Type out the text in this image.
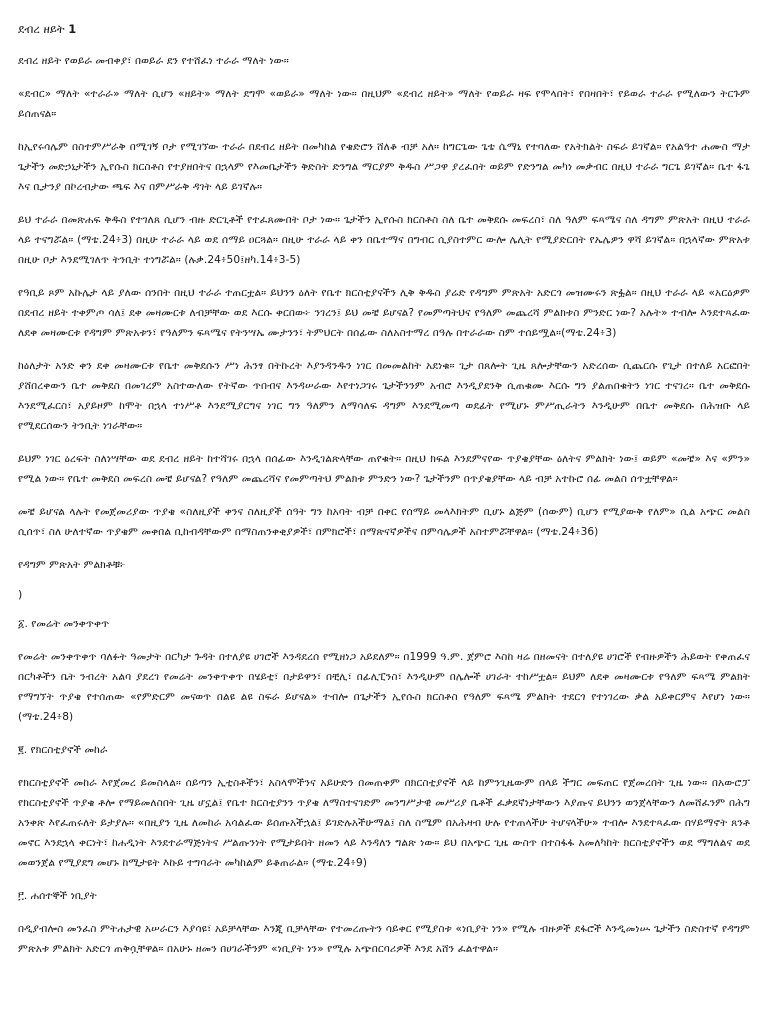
ደብረ ዘይት 1

ደብረ ዘይት የወይራ መብቀያ፣ በወይራ ደን የተሸፈነ ተራራ ማለት ነው።

«ደብር» ማለት «ተራራ» ማለት ሲሆን «ዘይት» ማለት ደግሞ «ወይራ» ማለት ነው። በዚህም «ደብረ ዘይት» ማለት የወይራ ዛፍ የሞላበት፣ የበዛበት፣ የይወራ ተራራ የሚለውን ትርጉም ይሰጠናል።

ከኢየሩሳሌም በስተምሥራቅ በሚገኝ ቦታ የሚገኘው ተራራ በደብረ ዘይት በመካከል የቄድሮን ሸለቆ ብቻ አለ። ከግርጌው ጌቴ ሴማኒ የተባለው የአትክልት ስፍራ ይገኛል። የአልዓተ ሐሙስ ማታ ጌታችን መድኃኒታችን ኢየሱስ ክርስቶስ የተያዘበትና በኋላም የእመቤታችን ቅድስት ድንግል ማርያም ቅዱስ ሥጋዋ ያረፈበት ወይም የድንግል መካነ መቃብር በዚህ ተራራ ግርጌ ይገኛል። ቤተ ፋጌ እና ቢታንያ በኮረብታው ጫፍ እና በምሥራቅ ዳገት ላይ ይገኛሉ።

ይህ ተራራ በመጽሐፍ ቅዱስ የተገለጸ ሲሆን ብዙ ድርጊቶች የተፈጸሙበት ቦታ ነው። ጌታችን ኢየሱስ ክርስቶስ ስለ ቤተ መቅደሱ መፍረስ፣ ስለ ዓለም ፍጻሜና ስለ ዳግም ምጽአት በዚህ ተራራ ላይ ተናግሯል። (ማቴ.24፥3) በዚሁ ተራራ ላይ ወደ ሰማይ ዐርጓል። በዚሁ ተራራ ላይ ቀን በቤተማና በግብር ሲያስተምር ውሎ ሌሊት የሚያድርበት የኤሌዎን ዋሻ ይገኛል። በኋላኛው ምጽአቱ በዚሁ ቦታ እንደሚገለጥ ትንቢት ተነግሯል። (ሉቃ.24፥50፤ዘካ.14፥3-5)

የዓቢይ ጾም አኩሌታ ላይ ያለው ሰንበት በዚህ ተራራ ተጠርቷል። ይህንን ዕለት የቤተ ክርስቲያናችን ሊቅ ቅዱስ ያሬድ የዳግም ምጽአት አድርጎ መዝሙሩን ጽፏል። በዚህ ተራራ ላይ «አርዕዎም በደብረ ዘይት ተቀምጦ ሳለ፤ ደቀ መዛሙርቱ ለብቻቸው ወደ እርሱ ቀርበው፦ ንገረን፤ ይህ መቼ ይሆናል? የመምጣትህና የዓለም መጨረሻ ምልክቱስ ምንድር ነው? አሉት» ተብሎ እንደተጻፈው ለደቀ መዛሙርቱ የዳግም ምጽአቱን፣ የዓለምን ፍጻሜና የትንሣኤ ሙታንን፣ ትምህርት በሰፊው ስለአስተማረ በዓሉ በተራራው ስም ተሰይሟል።(ማቴ.24፥3)

ከዕለታት አንድ ቀን ደቀ መዛሙርቱ የቤተ መቅደሱን ሥነ ሕንፃ በትኩረት እያንዳንዱን ነገር በመመልከት አደነቁ። ጊታ በጸሎት ጊዜ ጸሎታቸውን አድረሰው ሲጨርሱ የጊታ በተለይ አርፎበት ያሸበረቀውን ቤተ መቅደስ በመገረም አስተውለው የትኛው ጥበብና እንዳሠራው እየተነጋገሩ ጌታችንንም አብሮ እንዲያደንቅ ሲጠቁሙ እርሱ ግን ያልጠበቁትን ነገር ተናገረ። ቤተ መቅደሱ እንደሚፈርስ፣ አያይዞም ከሞት በኋላ ተነሥቶ እንደሚያርግና ነገር ግን ዓለምን ለማሳለፍ ዳግም እንደሚመጣ ወደፊት የሚሆኑ ምሥጢራትን እንዲሁም በቤተ መቅደሱ በሕዝቡ ላይ የሚደርሰውን ትንቢት ነገራቸው።

ይህም ነገር ዕረፍት ስለነሣቸው ወደ ደብረ ዘይት ከተሻገሩ በኋላ በሰፊው እንዲገልጽላቸው ጠየቁት። በዚህ ክፍል እንደምናየው ጥያቄያቸው ዕለትና ምልክት ነው፤ ወይም «መቼ» እና «ምን» የሚል ነው። የቤተ መቅደስ መፍረስ መቼ ይሆናል? የዓለም መጨረሻና የመምጣትህ ምልክቱ ምንድን ነው? ጌታችንም በጥያቄያቸው ላይ ብቻ አተኩሮ ሰፊ መልስ ሰጥቷቸዋል።

መቼ ይሆናል ላሉት የመጀመሪያው ጥያቄ «ስለዚያች ቀንና ስለዚያች ሰዓት ግን ከአባት ብቻ በቀር የሰማይ መላእክትም ቢሆኑ ልጅም (ሰውም) ቢሆን የሚያውቅ የለም» ሲል አጭር መልስ ሲሰጥ፣ ስለ ሁለተኛው ጥያቄም መቀበል ቢከብዳቸውም በማስጠንቀቂያዎች፣ በምክሮች፣ በማጽናኛዎችና በምሳሌዎች አስተምሯቸዋል። (ማቴ.24፥36)

የዳግም ምጽአት ምልክቶቹ፦

)

፩. የመሬት መንቀጥቀጥ

የመሬት መንቀጥቀጥ ባለፉት ዓመታት በርካታ ጉዳት በተለያዩ ሀገሮች እንዳደረሰ የሚዘነጋ አይደለም። በ1999 ዓ.ም. ጀምሮ እስከ ዛሬ በዘመናት በተለያዩ ሀገሮች የብዙዎችን ሕይወት የቀጠፈና በርካቶችን ቤት ንብረት አልባ ያደረገ የመሬት መንቀጥቀጥ በሄይቲ፣ በታይዋን፣ በቺሊ፣ በፊሊፒንስ፣ እንዲሁም በሌሎች ሀገራት ተከሥቷል። ይህም ለደቀ መዛሙርቱ የዓለም ፍጻሜ ምልክት የማግኘት ጥያቄ የተሰጠው «የምድርም መናወጥ በልዩ ልዩ ስፍራ ይሆናል» ተብሎ በጌታችን ኢየሱስ ክርስቶስ የዓለም ፍጻሜ ምልክት ተደርጎ የተነገረው ቃል አይቀርምና እየሆነ ነው። (ማቴ.24፥8)

፪. የክርስቲያኖች መከራ

የክርስቲያኖች መከራ እየጀመረ ይመስላል። ሰይጣን ኢቲስቶችን፣ አስላሞችንና አይሁድን በመጠቀም በክርስቲያኖች ላይ ከምንጊዜውም በላይ ችግር መፍጠር የጀመረበት ጊዜ ነው። በአውሮፓ የክርስቲያኖች ጥያቄ ቶሎ የማይመለስበት ጊዜ ሆኗል፤ የቤተ ክርስቲያንን ጥያቄ ለማስተናገድም መንግሥታዊ መሥሪያ ቤቶች ፈቃደኛነታቸውን እያጡና ይህንን ወንጀላቸውን ለመሸፈንም በሕግ አንቀጽ እየፈጠሩለት ይታያሉ። «በዚያን ጊዜ ለመከራ አሳልፈው ይሰጡአችኋል፤ ይገድሉአችሁማል፤ ስለ ስሜም በአሕዛብ ሁሉ የተጠላችሁ ትሆናላችሁ» ተብሎ እንደተጻፈው በሃይማኖት ጸንቶ መኖር እንደኋላ ቀርነት፣ ከሐዲነት እንደተራማጅነትና ሥልጡንነት የሚታይበት ዘመን ላይ እንዳለን ግልጽ ነው። ይህ በአጭር ጊዜ ውስጥ በተስፋፋ አመለካከት ክርስቲያኖችን ወደ ማግለልና ወደ መወንጀል የሚያደግ መሆኑ ከሚታዩት እኩይ ተግባራት መካከልም ይቆጠራል። (ማቴ.24፥9)

፫. ሐሰተኞች ነቢያት

በዲያብሎስ መንፈስ ምትሐታዊ አሠራርን እያሳዩ፣ አይቻላቸው እንጂ ቢቻላቸው የተመረጡትን ሳይቀር የሚያስቱ «ነቢያት ነን» የሚሉ ብዙዎች ደፋሮች እንዲመነሡ ጌታችን ስድስተኛ የዳግም ምጽአቱ ምልክት አድርጎ ጠቅሷቸዋል። በአሁኑ ዘመን በሀገራችንም «ነቢያት ነን» የሚሉ አጭበርባሪዎች እንደ አሸን ፈልተዋል።
